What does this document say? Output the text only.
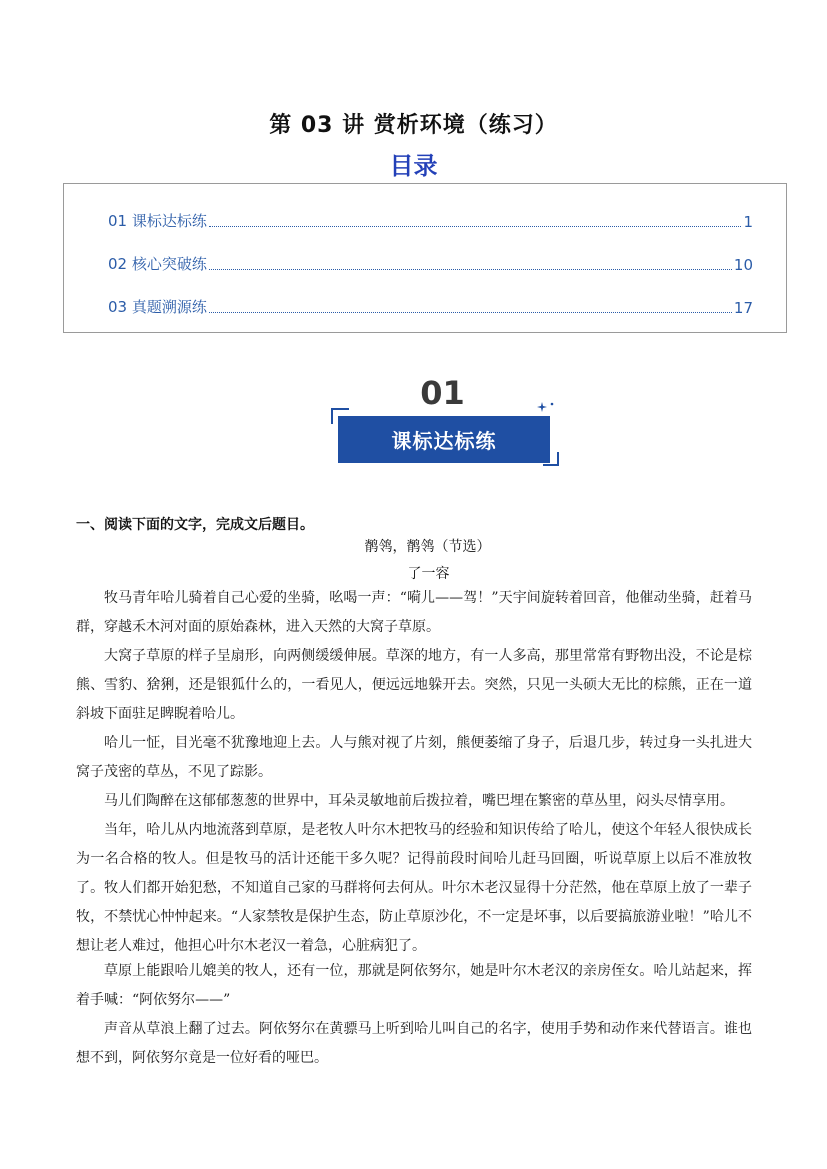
第 03 讲 赏析环境（练习）
目录
01 课标达标练	1
02 核心突破练	10
03 真题溯源练	17
01
课标达标练
一、阅读下面的文字，完成文后题目。
鹡鸰，鹡鸰（节选）
了一容

牧马青年哈儿骑着自己心爱的坐骑，吆喝一声：“嗬儿——驾！”天宇间旋转着回音，他催动坐骑，赶着马群，穿越禾木河对面的原始森林，进入天然的大窝子草原。

大窝子草原的样子呈扇形，向两侧缓缓伸展。草深的地方，有一人多高，那里常常有野物出没，不论是棕熊、雪豹、猞猁，还是银狐什么的，一看见人，便远远地躲开去。突然，只见一头硕大无比的棕熊，正在一道斜坡下面驻足睥睨着哈儿。

哈儿一怔，目光毫不犹豫地迎上去。人与熊对视了片刻，熊便萎缩了身子，后退几步，转过身一头扎进大窝子茂密的草丛，不见了踪影。

马儿们陶醉在这郁郁葱葱的世界中，耳朵灵敏地前后拨拉着，嘴巴埋在繁密的草丛里，闷头尽情享用。

当年，哈儿从内地流落到草原，是老牧人叶尔木把牧马的经验和知识传给了哈儿，使这个年轻人很快成长为一名合格的牧人。但是牧马的活计还能干多久呢？记得前段时间哈儿赶马回圈，听说草原上以后不准放牧了。牧人们都开始犯愁，不知道自己家的马群将何去何从。叶尔木老汉显得十分茫然，他在草原上放了一辈子牧，不禁忧心忡忡起来。“人家禁牧是保护生态，防止草原沙化，不一定是坏事，以后要搞旅游业啦！”哈儿不想让老人难过，他担心叶尔木老汉一着急，心脏病犯了。

草原上能跟哈儿媲美的牧人，还有一位，那就是阿依努尔，她是叶尔木老汉的亲房侄女。哈儿站起来，挥着手喊：“阿依努尔——”

声音从草浪上翻了过去。阿依努尔在黄骠马上听到哈儿叫自己的名字，使用手势和动作来代替语言。谁也想不到，阿依努尔竟是一位好看的哑巴。
